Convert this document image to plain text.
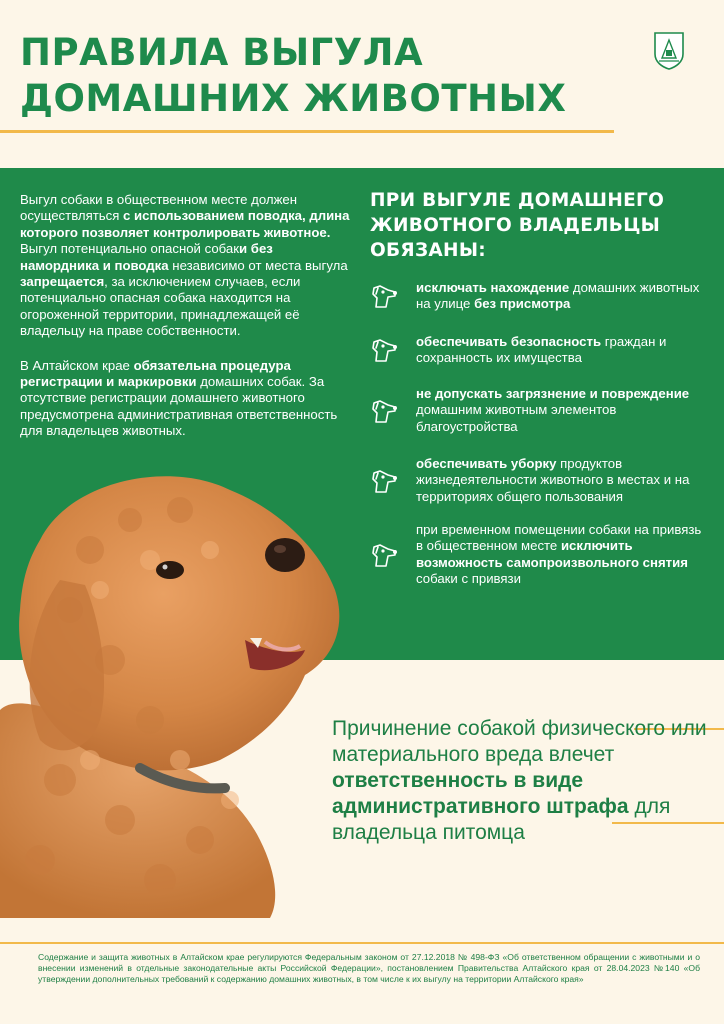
ПРАВИЛА ВЫГУЛА
ДОМАШНИХ ЖИВОТНЫХ

Выгул собаки в общественном месте должен осуществляться с использованием поводка, длина которого позволяет контролировать животное. Выгул потенциально опасной собаки без намордника и поводка независимо от места выгула запрещается, за исключением случаев, если потенциально опасная собака находится на огороженной территории, принадлежащей её владельцу на праве собственности.

В Алтайском крае обязательна процедура регистрации и маркировки домашних собак. За отсутствие регистрации домашнего животного предусмотрена административная ответственность для владельцев животных.

ПРИ ВЫГУЛЕ ДОМАШНЕГО
ЖИВОТНОГО ВЛАДЕЛЬЦЫ
ОБЯЗАНЫ:
исключать нахождение домашних животных на улице без присмотра
обеспечивать безопасность граждан и сохранность их имущества
не допускать загрязнение и повреждение домашним животным элементов благоустройства
обеспечивать уборку продуктов жизнедеятельности животного в местах и на территориях общего пользования
при временном помещении собаки на привязь в общественном месте исключить возможность самопроизвольного снятия собаки с привязи
Причинение собакой физического или материального вреда влечет ответственность в виде административного штрафа для владельца питомца
Содержание и защита животных в Алтайском крае регулируются Федеральным законом от 27.12.2018 № 498-ФЗ «Об ответственном обращении с животными и о внесении изменений в отдельные законодательные акты Российской Федерации», постановлением Правительства Алтайского края от 28.04.2023 №140 «Об утверждении дополнительных требований к содержанию домашних животных, в том числе к их выгулу на территории Алтайского края»
